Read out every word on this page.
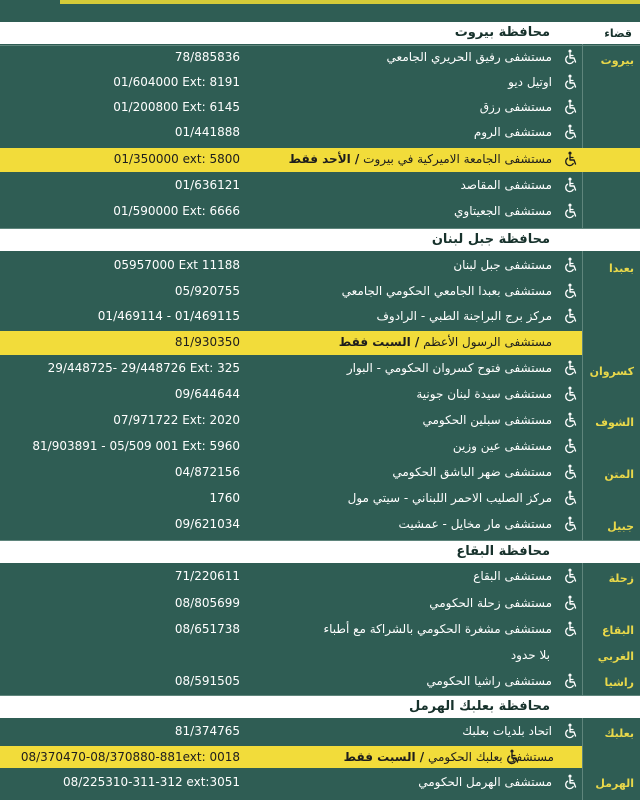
قضاء
محافظة بيروت
مستشفى رفيق الحريري الجامعي
78/885836
اوتيل ديو
01/604000 Ext: 8191
مستشفى رزق
01/200800 Ext: 6145
مستشفى الروم
01/441888
مستشفى الجامعة الاميركية في بيروت / الأحد فقط
01/350000 ext: 5800
مستشفى المقاصد
01/636121
مستشفى الجعيتاوي
01/590000 Ext: 6666
محافظة جبل لبنان
مستشفى جبل لبنان
05957000 Ext 11188
مستشفى بعبدا الجامعي الحكومي الجامعي
05/920755
مركز برج البراجنة الطبي - الرادوف
01/469114 - 01/469115
مستشفى الرسول الأعظم / السبت فقط
81/930350
مستشفى فتوح كسروان الحكومي - البوار
29/448725- 29/448726 Ext: 325
مستشفى سيدة لبنان جونية
09/644644
مستشفى سبلين الحكومي
07/971722 Ext: 2020
مستشفى عين وزين
81/903891 - 05/509 001 Ext: 5960
مستشفى ضهر الباشق الحكومي
04/872156
مركز الصليب الاحمر اللبناني - سيتي مول
1760
مستشفى مار مخايل - عمشيت
09/621034
محافظة البقاع
مستشفى البقاع
71/220611
مستشفى زحلة الحكومي
08/805699
مستشفى مشغرة الحكومي بالشراكة مع أطباء
08/651738
بلا حدود
مستشفى راشيا الحكومي
08/591505
محافظة بعلبك الهرمل
اتحاد بلديات بعلبك
81/374765
مستشفى بعلبك الحكومي / السبت فقط
08/370470-08/370880-881ext: 0018
مستشفى الهرمل الحكومي
08/225310-311-312 ext:3051
بيروت
بعبدا
كسروان
الشوف
المتن
جبيل
زحلة
البقاع
الغربي
راشيا
بعلبك
الهرمل
